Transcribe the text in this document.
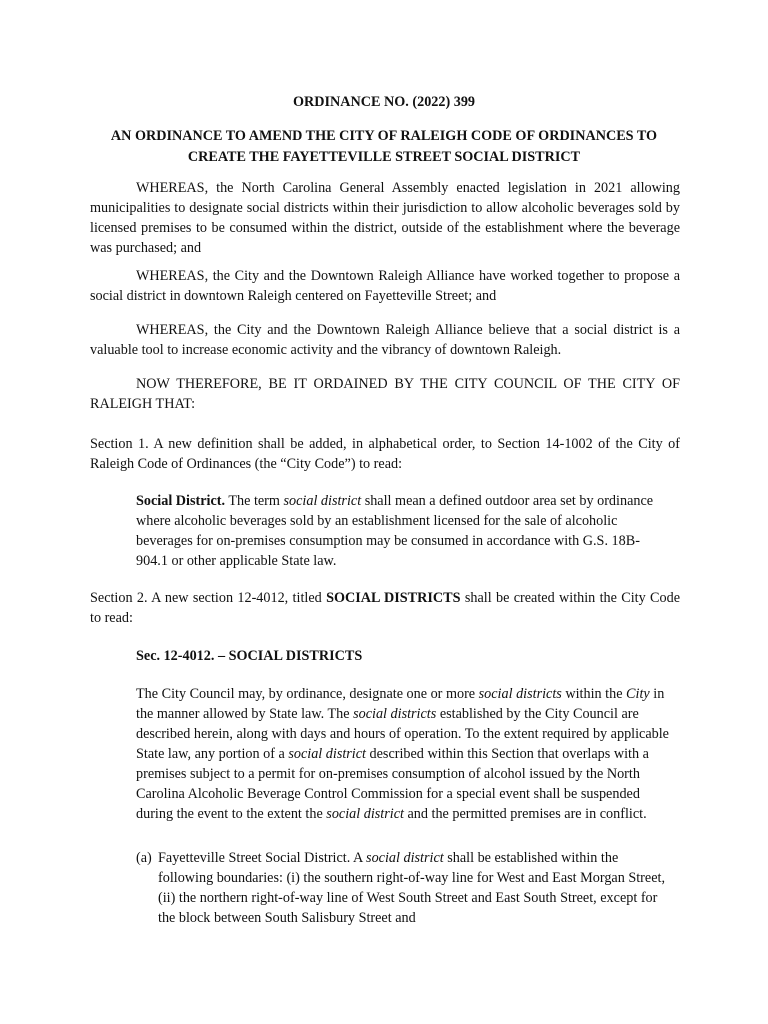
ORDINANCE NO. (2022) 399
AN ORDINANCE TO AMEND THE CITY OF RALEIGH CODE OF ORDINANCES TO
CREATE THE FAYETTEVILLE STREET SOCIAL DISTRICT
WHEREAS, the North Carolina General Assembly enacted legislation in 2021 allowing municipalities to designate social districts within their jurisdiction to allow alcoholic beverages sold by licensed premises to be consumed within the district, outside of the establishment where the beverage was purchased; and
WHEREAS, the City and the Downtown Raleigh Alliance have worked together to propose a social district in downtown Raleigh centered on Fayetteville Street; and
WHEREAS, the City and the Downtown Raleigh Alliance believe that a social district is a valuable tool to increase economic activity and the vibrancy of downtown Raleigh.
NOW THEREFORE, BE IT ORDAINED BY THE CITY COUNCIL OF THE CITY OF RALEIGH THAT:
Section 1. A new definition shall be added, in alphabetical order, to Section 14-1002 of the City of Raleigh Code of Ordinances (the “City Code”) to read:
Social District. The term social district shall mean a defined outdoor area set by ordinance where alcoholic beverages sold by an establishment licensed for the sale of alcoholic beverages for on-premises consumption may be consumed in accordance with G.S. 18B-904.1 or other applicable State law.
Section 2. A new section 12-4012, titled SOCIAL DISTRICTS shall be created within the City Code to read:
Sec. 12-4012. – SOCIAL DISTRICTS
The City Council may, by ordinance, designate one or more social districts within the City in the manner allowed by State law. The social districts established by the City Council are described herein, along with days and hours of operation. To the extent required by applicable State law, any portion of a social district described within this Section that overlaps with a premises subject to a permit for on-premises consumption of alcohol issued by the North Carolina Alcoholic Beverage Control Commission for a special event shall be suspended during the event to the extent the social district and the permitted premises are in conflict.
(a) Fayetteville Street Social District. A social district shall be established within the following boundaries: (i) the southern right-of-way line for West and East Morgan Street, (ii) the northern right-of-way line of West South Street and East South Street, except for the block between South Salisbury Street and
